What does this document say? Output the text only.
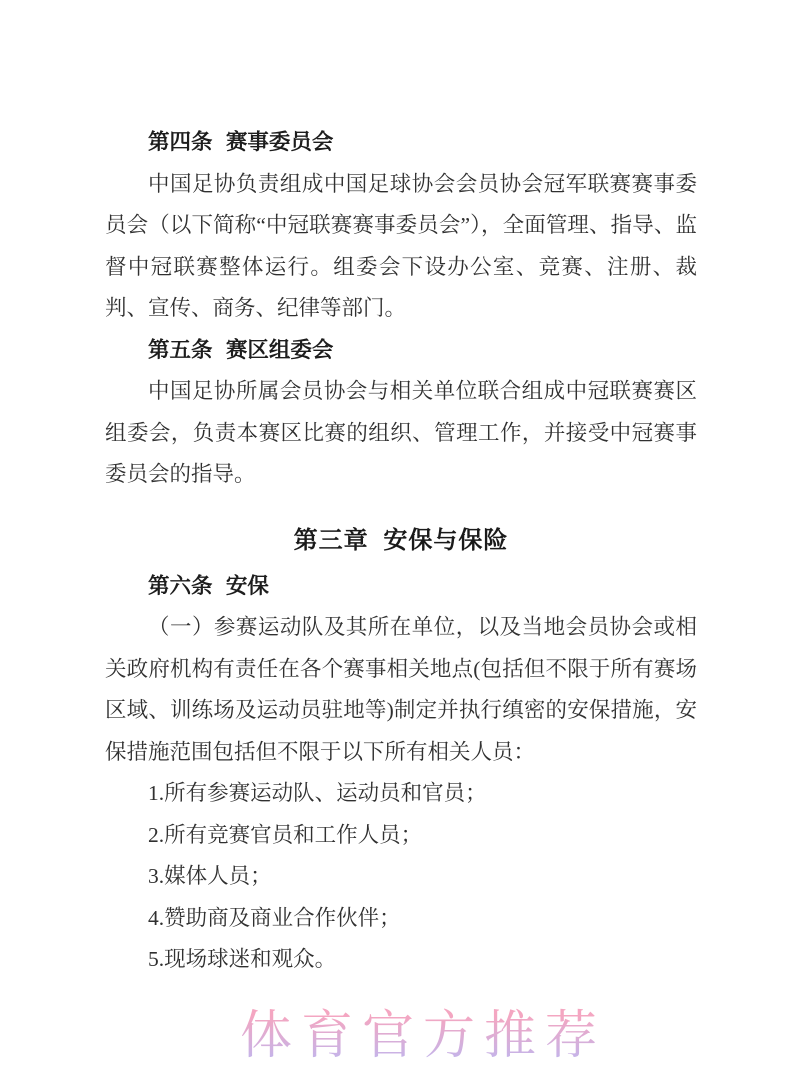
第四条 赛事委员会

中国足协负责组成中国足球协会会员协会冠军联赛赛事委员会（以下简称“中冠联赛赛事委员会”），全面管理、指导、监督中冠联赛整体运行。组委会下设办公室、竞赛、注册、裁判、宣传、商务、纪律等部门。

第五条 赛区组委会

中国足协所属会员协会与相关单位联合组成中冠联赛赛区组委会，负责本赛区比赛的组织、管理工作，并接受中冠赛事委员会的指导。

第三章 安保与保险
第六条 安保

（一）参赛运动队及其所在单位，以及当地会员协会或相关政府机构有责任在各个赛事相关地点(包括但不限于所有赛场区域、训练场及运动员驻地等)制定并执行缜密的安保措施，安保措施范围包括但不限于以下所有相关人员：

1.所有参赛运动队、运动员和官员；

2.所有竞赛官员和工作人员；

3.媒体人员；

4.赞助商及商业合作伙伴；

5.现场球迷和观众。

体育官方推荐
